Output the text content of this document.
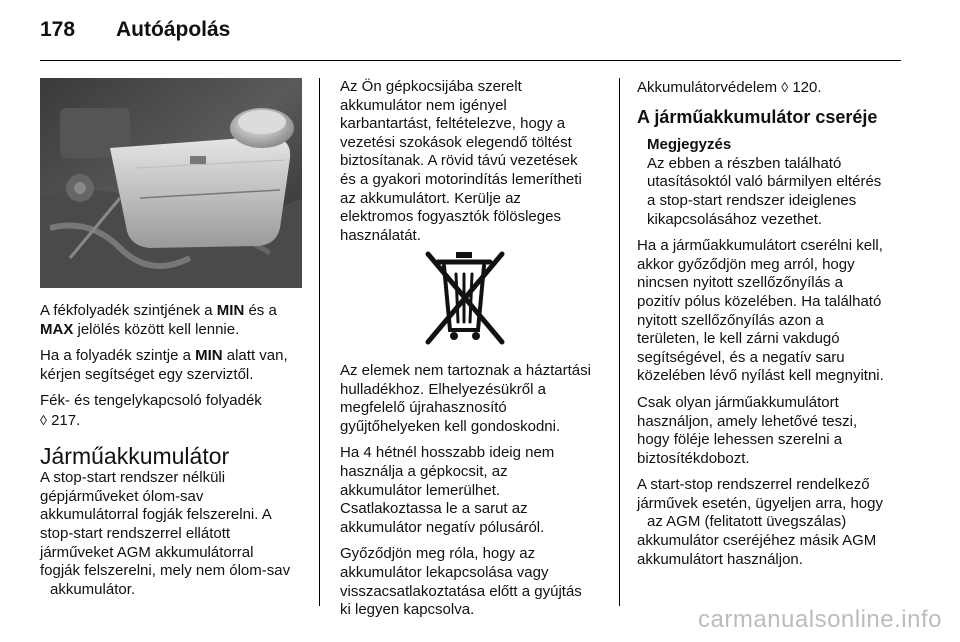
178 Autóápolás

A fékfolyadék szintjének a MIN és a
MAX jelölés között kell lennie.

Ha a folyadék szintje a MIN alatt van,
kérjen segítséget egy szerviztől.

Fék- és tengelykapcsoló folyadék
◊ 217.

Járműakkumulátor

A stop-start rendszer nélküli
gépjárműveket ólom-sav
akkumulátorral fogják felszerelni. A
stop-start rendszerrel ellátott
járműveket AGM akkumulátorral
fogják felszerelni, mely nem ólom-sav
akkumulátor.

Az Ön gépkocsijába szerelt
akkumulátor nem igényel
karbantartást, feltételezve, hogy a
vezetési szokások elegendő töltést
biztosítanak. A rövid távú vezetések
és a gyakori motorindítás lemerítheti
az akkumulátort. Kerülje az
elektromos fogyasztók fölösleges
használatát.

Az elemek nem tartoznak a háztartási
hulladékhoz. Elhelyezésükről a
megfelelő újrahasznosító
gyűjtőhelyeken kell gondoskodni.

Ha 4 hétnél hosszabb ideig nem
használja a gépkocsit, az
akkumulátor lemerülhet.
Csatlakoztassa le a sarut az
akkumulátor negatív pólusáról.

Győződjön meg róla, hogy az
akkumulátor lekapcsolása vagy
visszacsatlakoztatása előtt a gyújtás
ki legyen kapcsolva.

Akkumulátorvédelem ◊ 120.

A járműakkumulátor cseréje
Megjegyzés
Az ebben a részben található
utasításoktól való bármilyen eltérés
a stop-start rendszer ideiglenes
kikapcsolásához vezethet.

Ha a járműakkumulátort cserélni kell,
akkor győződjön meg arról, hogy
nincsen nyitott szellőzőnyílás a
pozitív pólus közelében. Ha található
nyitott szellőzőnyílás azon a
területen, le kell zárni vakdugó
segítségével, és a negatív saru
közelében lévő nyílást kell megnyitni.

Csak olyan járműakkumulátort
használjon, amely lehetővé teszi,
hogy föléje lehessen szerelni a
biztosítékdobozt.

A start-stop rendszerrel rendelkező
járművek esetén, ügyeljen arra, hogy
az AGM (felitatott üvegszálas)
akkumulátor cseréjéhez másik AGM
akkumulátort használjon.

carmanualsonline.info
